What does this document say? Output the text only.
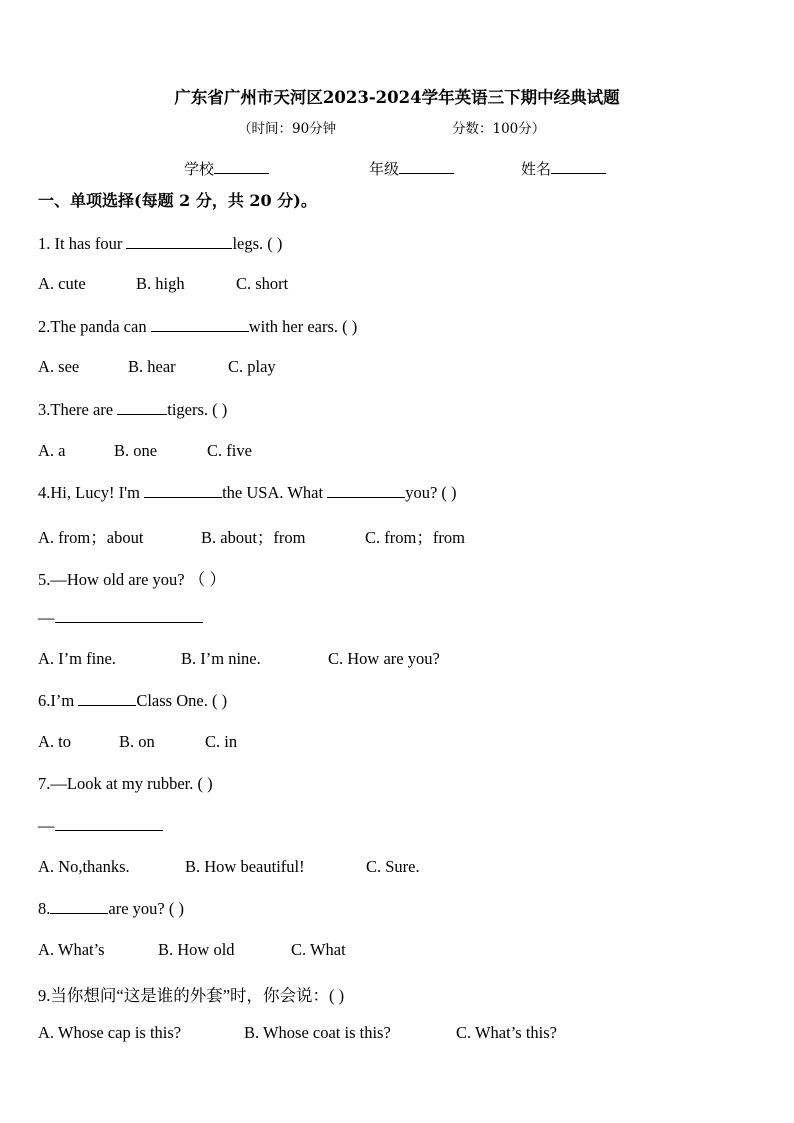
广东省广州市天河区2023-2024学年英语三下期中经典试题
（时间：90分钟	分数：100分）
学校	年级	姓名
一、单项选择(每题 2 分，共 20 分)。
1. It has four	legs. ( )
A. cute	B. high	C. short
2.The panda can	with her ears. ( )
A. see	B. hear	C. play
3.There are	tigers. ( )
A. a	B. one	C. five
4.Hi, Lucy! I'm	the USA. What	you? ( )
A. from；about	B. about；from	C. from；from
5.—How old are you? （ ）
—
A. I’m fine.	B. I’m nine.	C. How are you?
6.I’m	Class One. ( )
A. to	B. on	C. in
7.—Look at my rubber. ( )
—
A. No,thanks.	B. How beautiful!	C. Sure.
8.	are you? ( )
A. What’s	B. How old	C. What
9.当你想问“这是谁的外套”时，你会说：( )
A. Whose cap is this?	B. Whose coat is this?	C. What’s this?
